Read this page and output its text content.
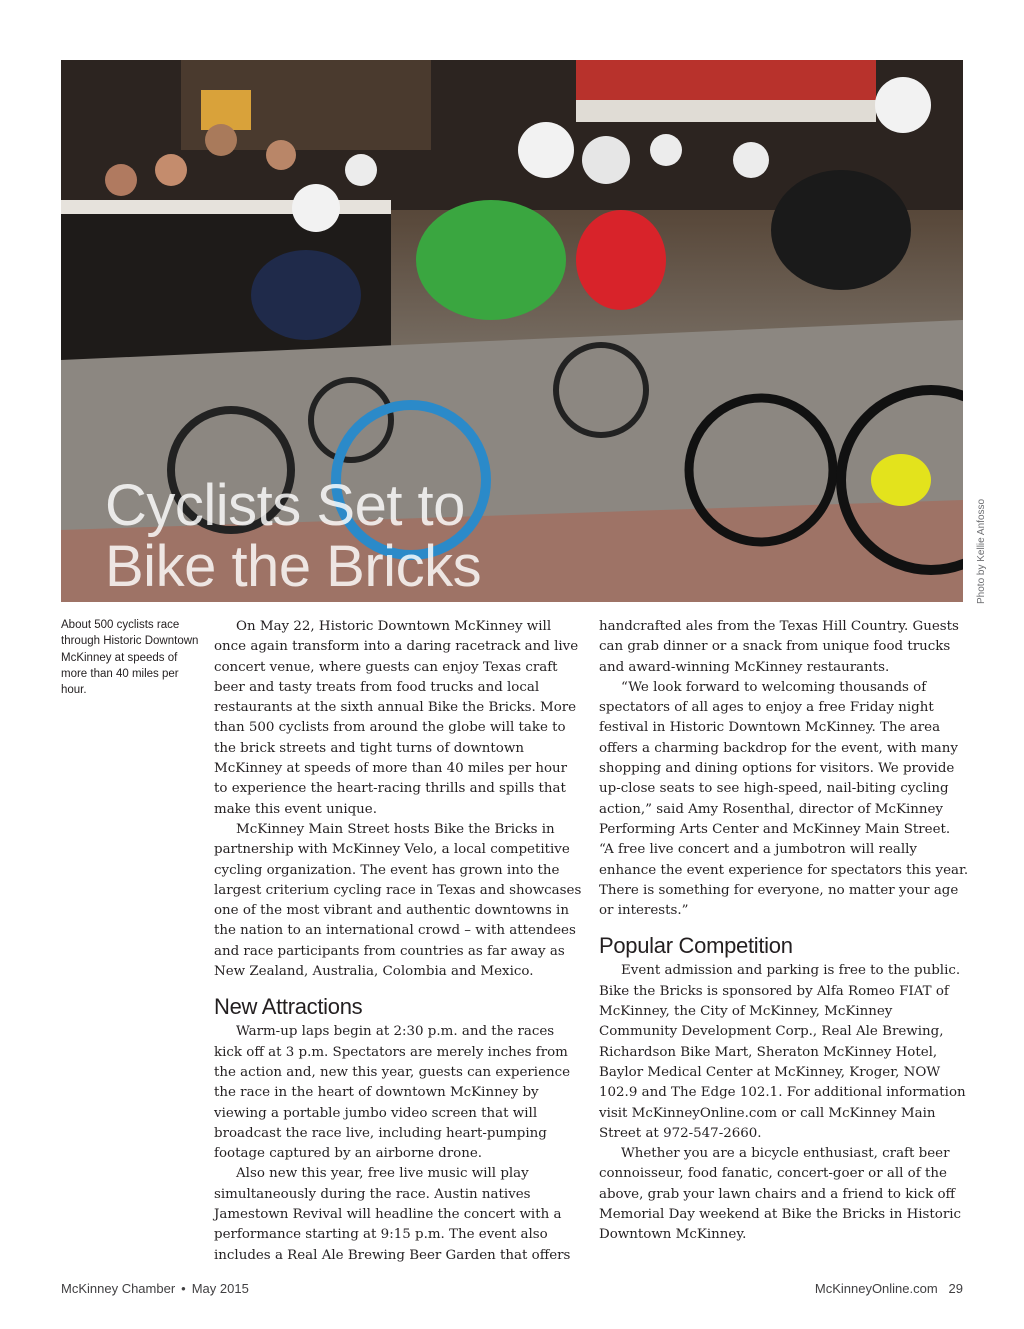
Cyclists Set to
Bike the Bricks	Photo by Kellie Anfosso
About 500 cyclists race through Historic Downtown McKinney at speeds of more than 40 miles per hour.

On May 22, Historic Downtown McKinney will once again transform into a daring racetrack and live concert venue, where guests can enjoy Texas craft beer and tasty treats from food trucks and local restaurants at the sixth annual Bike the Bricks. More than 500 cyclists from around the globe will take to the brick streets and tight turns of downtown McKinney at speeds of more than 40 miles per hour to experience the heart-racing thrills and spills that make this event unique.

McKinney Main Street hosts Bike the Bricks in partnership with McKinney Velo, a local competitive cycling organization. The event has grown into the largest criterium cycling race in Texas and showcases one of the most vibrant and authentic downtowns in the nation to an international crowd – with attendees and race participants from countries as far away as New Zealand, Australia, Colombia and Mexico.

New Attractions

Warm-up laps begin at 2:30 p.m. and the races kick off at 3 p.m. Spectators are merely inches from the action and, new this year, guests can experience the race in the heart of downtown McKinney by viewing a portable jumbo video screen that will broadcast the race live, including heart-pumping footage captured by an airborne drone.

Also new this year, free live music will play simultaneously during the race. Austin natives Jamestown Revival will headline the concert with a performance starting at 9:15 p.m. The event also includes a Real Ale Brewing Beer Garden that offers

handcrafted ales from the Texas Hill Country. Guests can grab dinner or a snack from unique food trucks and award-winning McKinney restaurants.

“We look forward to welcoming thousands of spectators of all ages to enjoy a free Friday night festival in Historic Downtown McKinney. The area offers a charming backdrop for the event, with many shopping and dining options for visitors. We provide up-close seats to see high-speed, nail-biting cycling action,” said Amy Rosenthal, director of McKinney Performing Arts Center and McKinney Main Street. “A free live concert and a jumbotron will really enhance the event experience for spectators this year. There is something for everyone, no matter your age or interests.”

Popular Competition

Event admission and parking is free to the public. Bike the Bricks is sponsored by Alfa Romeo FIAT of McKinney, the City of McKinney, McKinney Community Development Corp., Real Ale Brewing, Richardson Bike Mart, Sheraton McKinney Hotel, Baylor Medical Center at McKinney, Kroger, NOW 102.9 and The Edge 102.1. For additional information visit McKinneyOnline.com or call McKinney Main Street at 972-547-2660.

Whether you are a bicycle enthusiast, craft beer connoisseur, food fanatic, concert-goer or all of the above, grab your lawn chairs and a friend to kick off Memorial Day weekend at Bike the Bricks in Historic Downtown McKinney.

McKinney Chamber • May 2015	McKinneyOnline.com 29
